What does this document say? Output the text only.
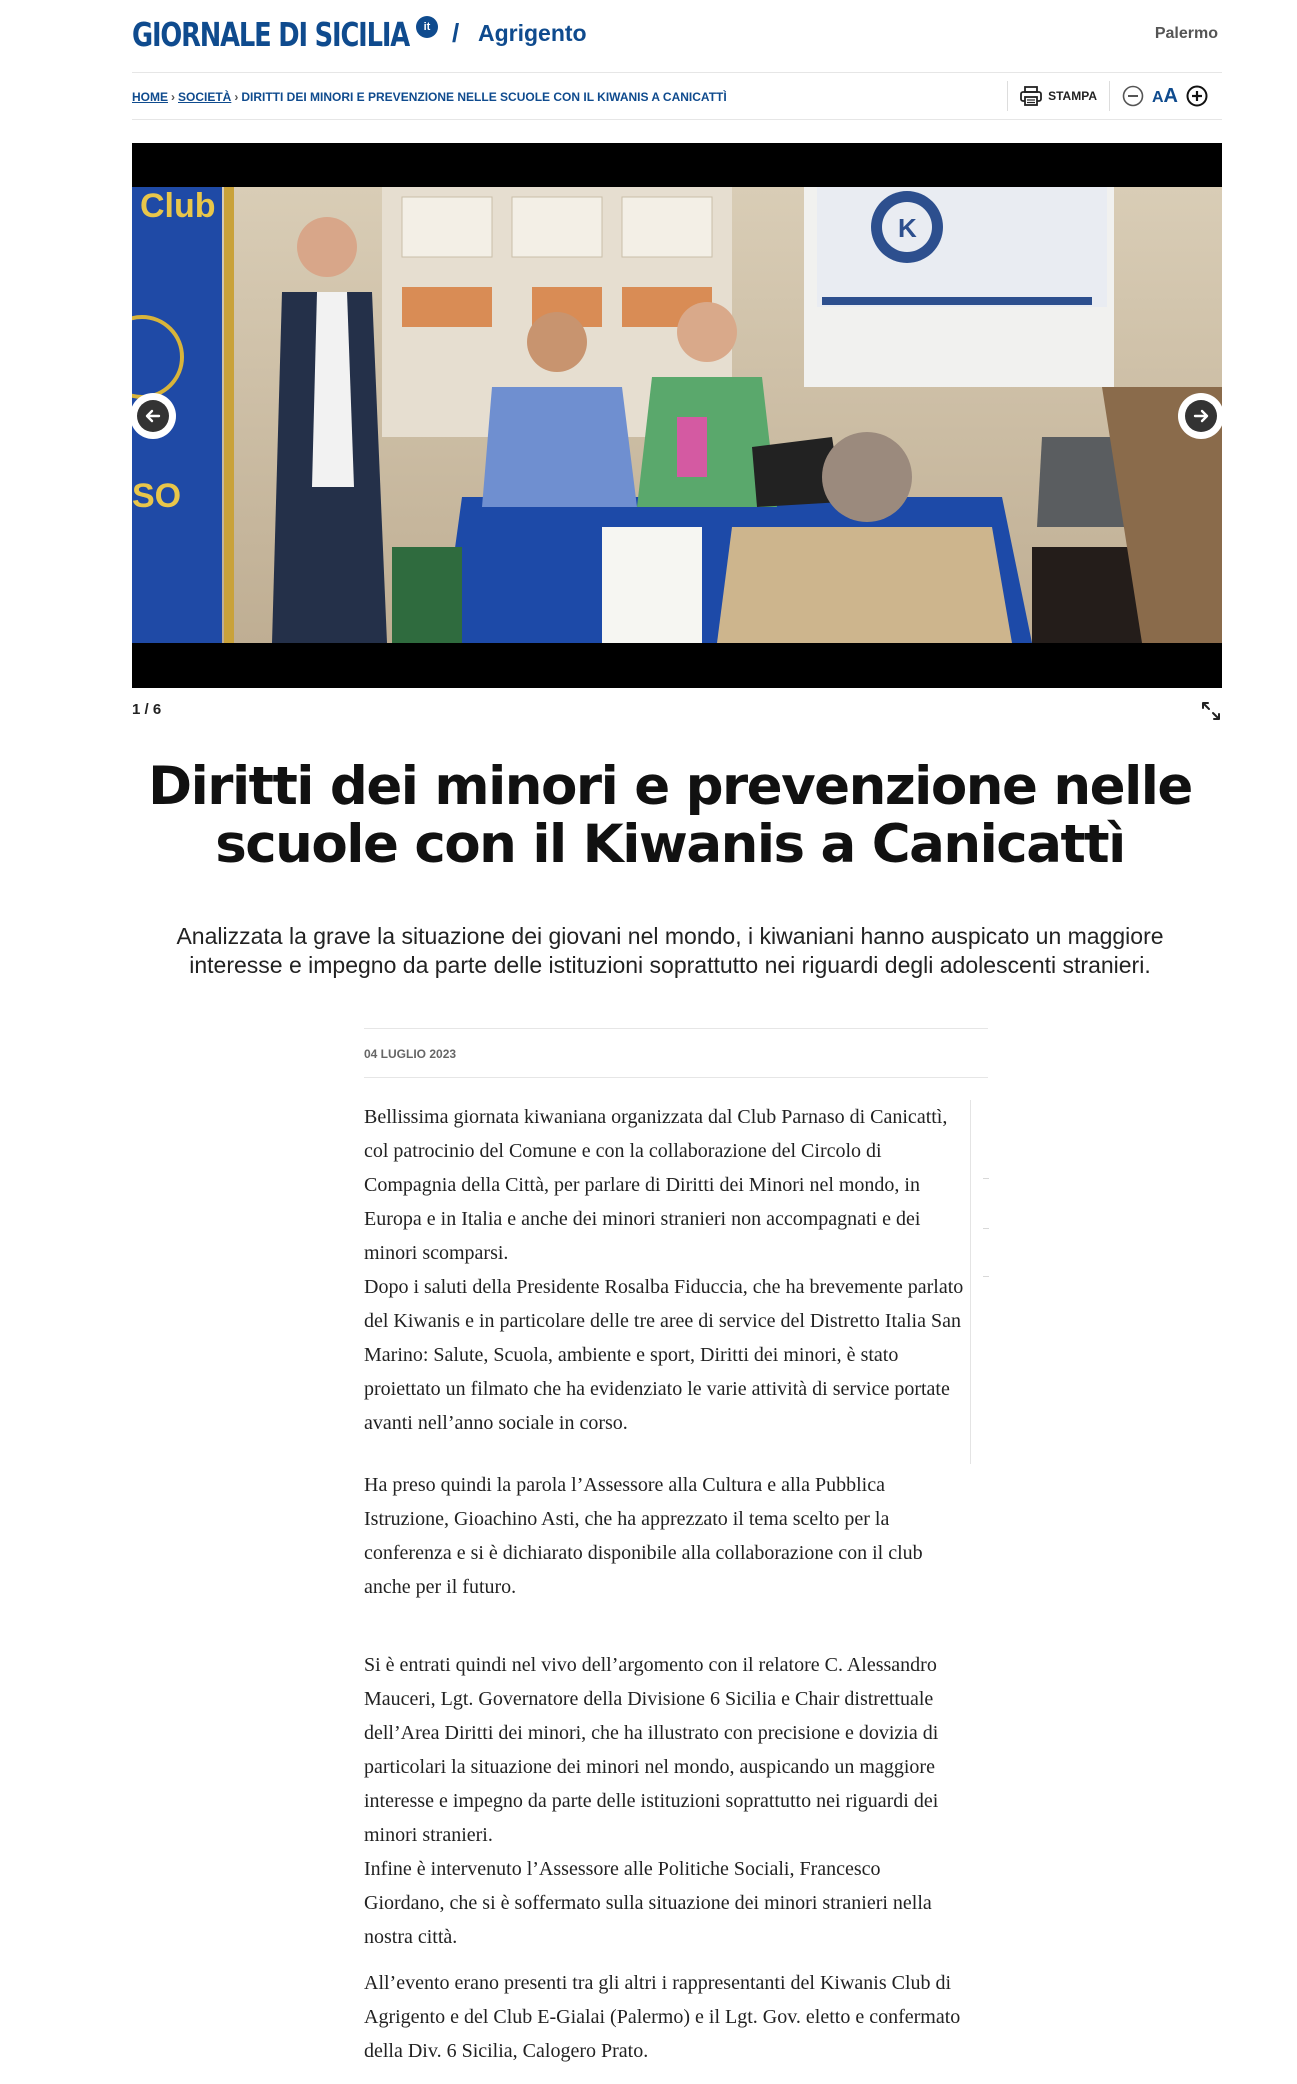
GIORNALE DI SICILIA	it / Agrigento	Palermo
HOME › SOCIETÀ › DIRITTI DEI MINORI E PREVENZIONE NELLE SCUOLE CON IL KIWANIS A CANICATTÌ	STAMPA	AA
K
Club
SO
1 / 6
Diritti dei minori e prevenzione nelle scuole con il Kiwanis a Canicattì

Analizzata la grave la situazione dei giovani nel mondo, i kiwaniani hanno auspicato un maggiore interesse e impegno da parte delle istituzioni soprattutto nei riguardi degli adolescenti stranieri.

04 LUGLIO 2023

Bellissima giornata kiwaniana organizzata dal Club Parnaso di Canicattì, col patrocinio del Comune e con la collaborazione del Circolo di Compagnia della Città, per parlare di Diritti dei Minori nel mondo, in Europa e in Italia e anche dei minori stranieri non accompagnati e dei minori scomparsi.

Dopo i saluti della Presidente Rosalba Fiduccia, che ha brevemente parlato del Kiwanis e in particolare delle tre aree di service del Distretto Italia San Marino: Salute, Scuola, ambiente e sport, Diritti dei minori, è stato proiettato un filmato che ha evidenziato le varie attività di service portate avanti nell’anno sociale in corso.

Ha preso quindi la parola l’Assessore alla Cultura e alla Pubblica Istruzione, Gioachino Asti, che ha apprezzato il tema scelto per la conferenza e si è dichiarato disponibile alla collaborazione con il club anche per il futuro.

Si è entrati quindi nel vivo dell’argomento con il relatore C. Alessandro Mauceri, Lgt. Governatore della Divisione 6 Sicilia e Chair distrettuale dell’Area Diritti dei minori, che ha illustrato con precisione e dovizia di particolari la situazione dei minori nel mondo, auspicando un maggiore interesse e impegno da parte delle istituzioni soprattutto nei riguardi dei minori stranieri.

Infine è intervenuto l’Assessore alle Politiche Sociali, Francesco Giordano, che si è soffermato sulla situazione dei minori stranieri nella nostra città.

All’evento erano presenti tra gli altri i rappresentanti del Kiwanis Club di Agrigento e del Club E-Gialai (Palermo) e il Lgt. Gov. eletto e confermato della Div. 6 Sicilia, Calogero Prato.
